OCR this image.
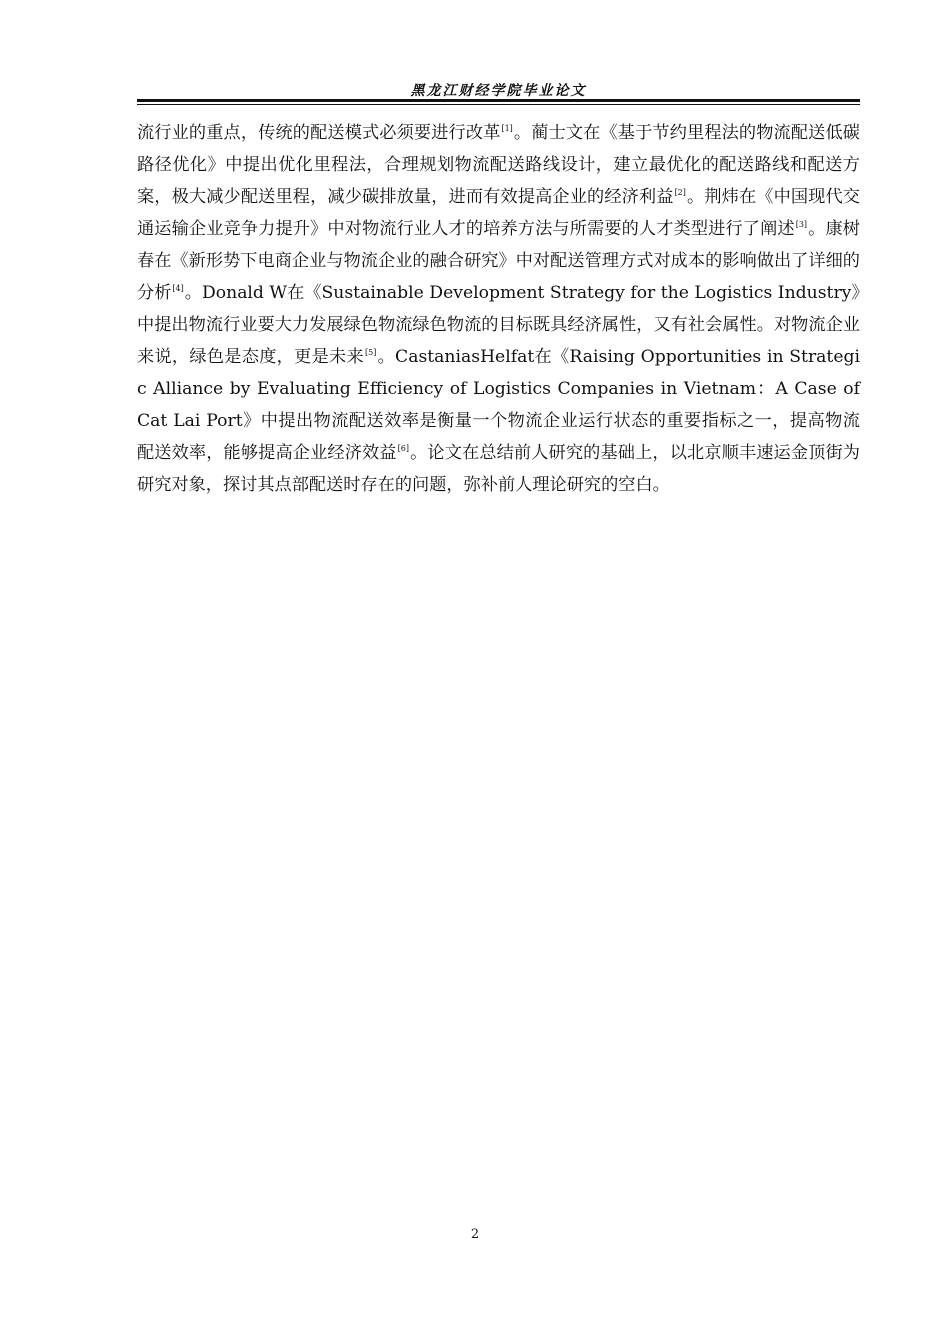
黑龙江财经学院毕业论文

流行业的重点，传统的配送模式必须要进行改革[1]。蔺士文在《基于节约里程法的物流配送低碳路径优化》中提出优化里程法，合理规划物流配送路线设计，建立最优化的配送路线和配送方案，极大减少配送里程，减少碳排放量，进而有效提高企业的经济利益[2]。荆炜在《中国现代交通运输企业竞争力提升》中对物流行业人才的培养方法与所需要的人才类型进行了阐述[3]。康树春在《新形势下电商企业与物流企业的融合研究》中对配送管理方式对成本的影响做出了详细的分析[4]。Donald W在《Sustainable Development Strategy for the Logistics Industry》中提出物流行业要大力发展绿色物流绿色物流的目标既具经济属性，又有社会属性。对物流企业来说，绿色是态度，更是未来[5]。CastaniasHelfat在《Raising Opportunities in Strategic Alliance by Evaluating Efficiency of Logistics Companies in Vietnam：A Case of Cat Lai Port》中提出物流配送效率是衡量一个物流企业运行状态的重要指标之一，提高物流配送效率，能够提高企业经济效益[6]。论文在总结前人研究的基础上，以北京顺丰速运金顶街为研究对象，探讨其点部配送时存在的问题，弥补前人理论研究的空白。

2
